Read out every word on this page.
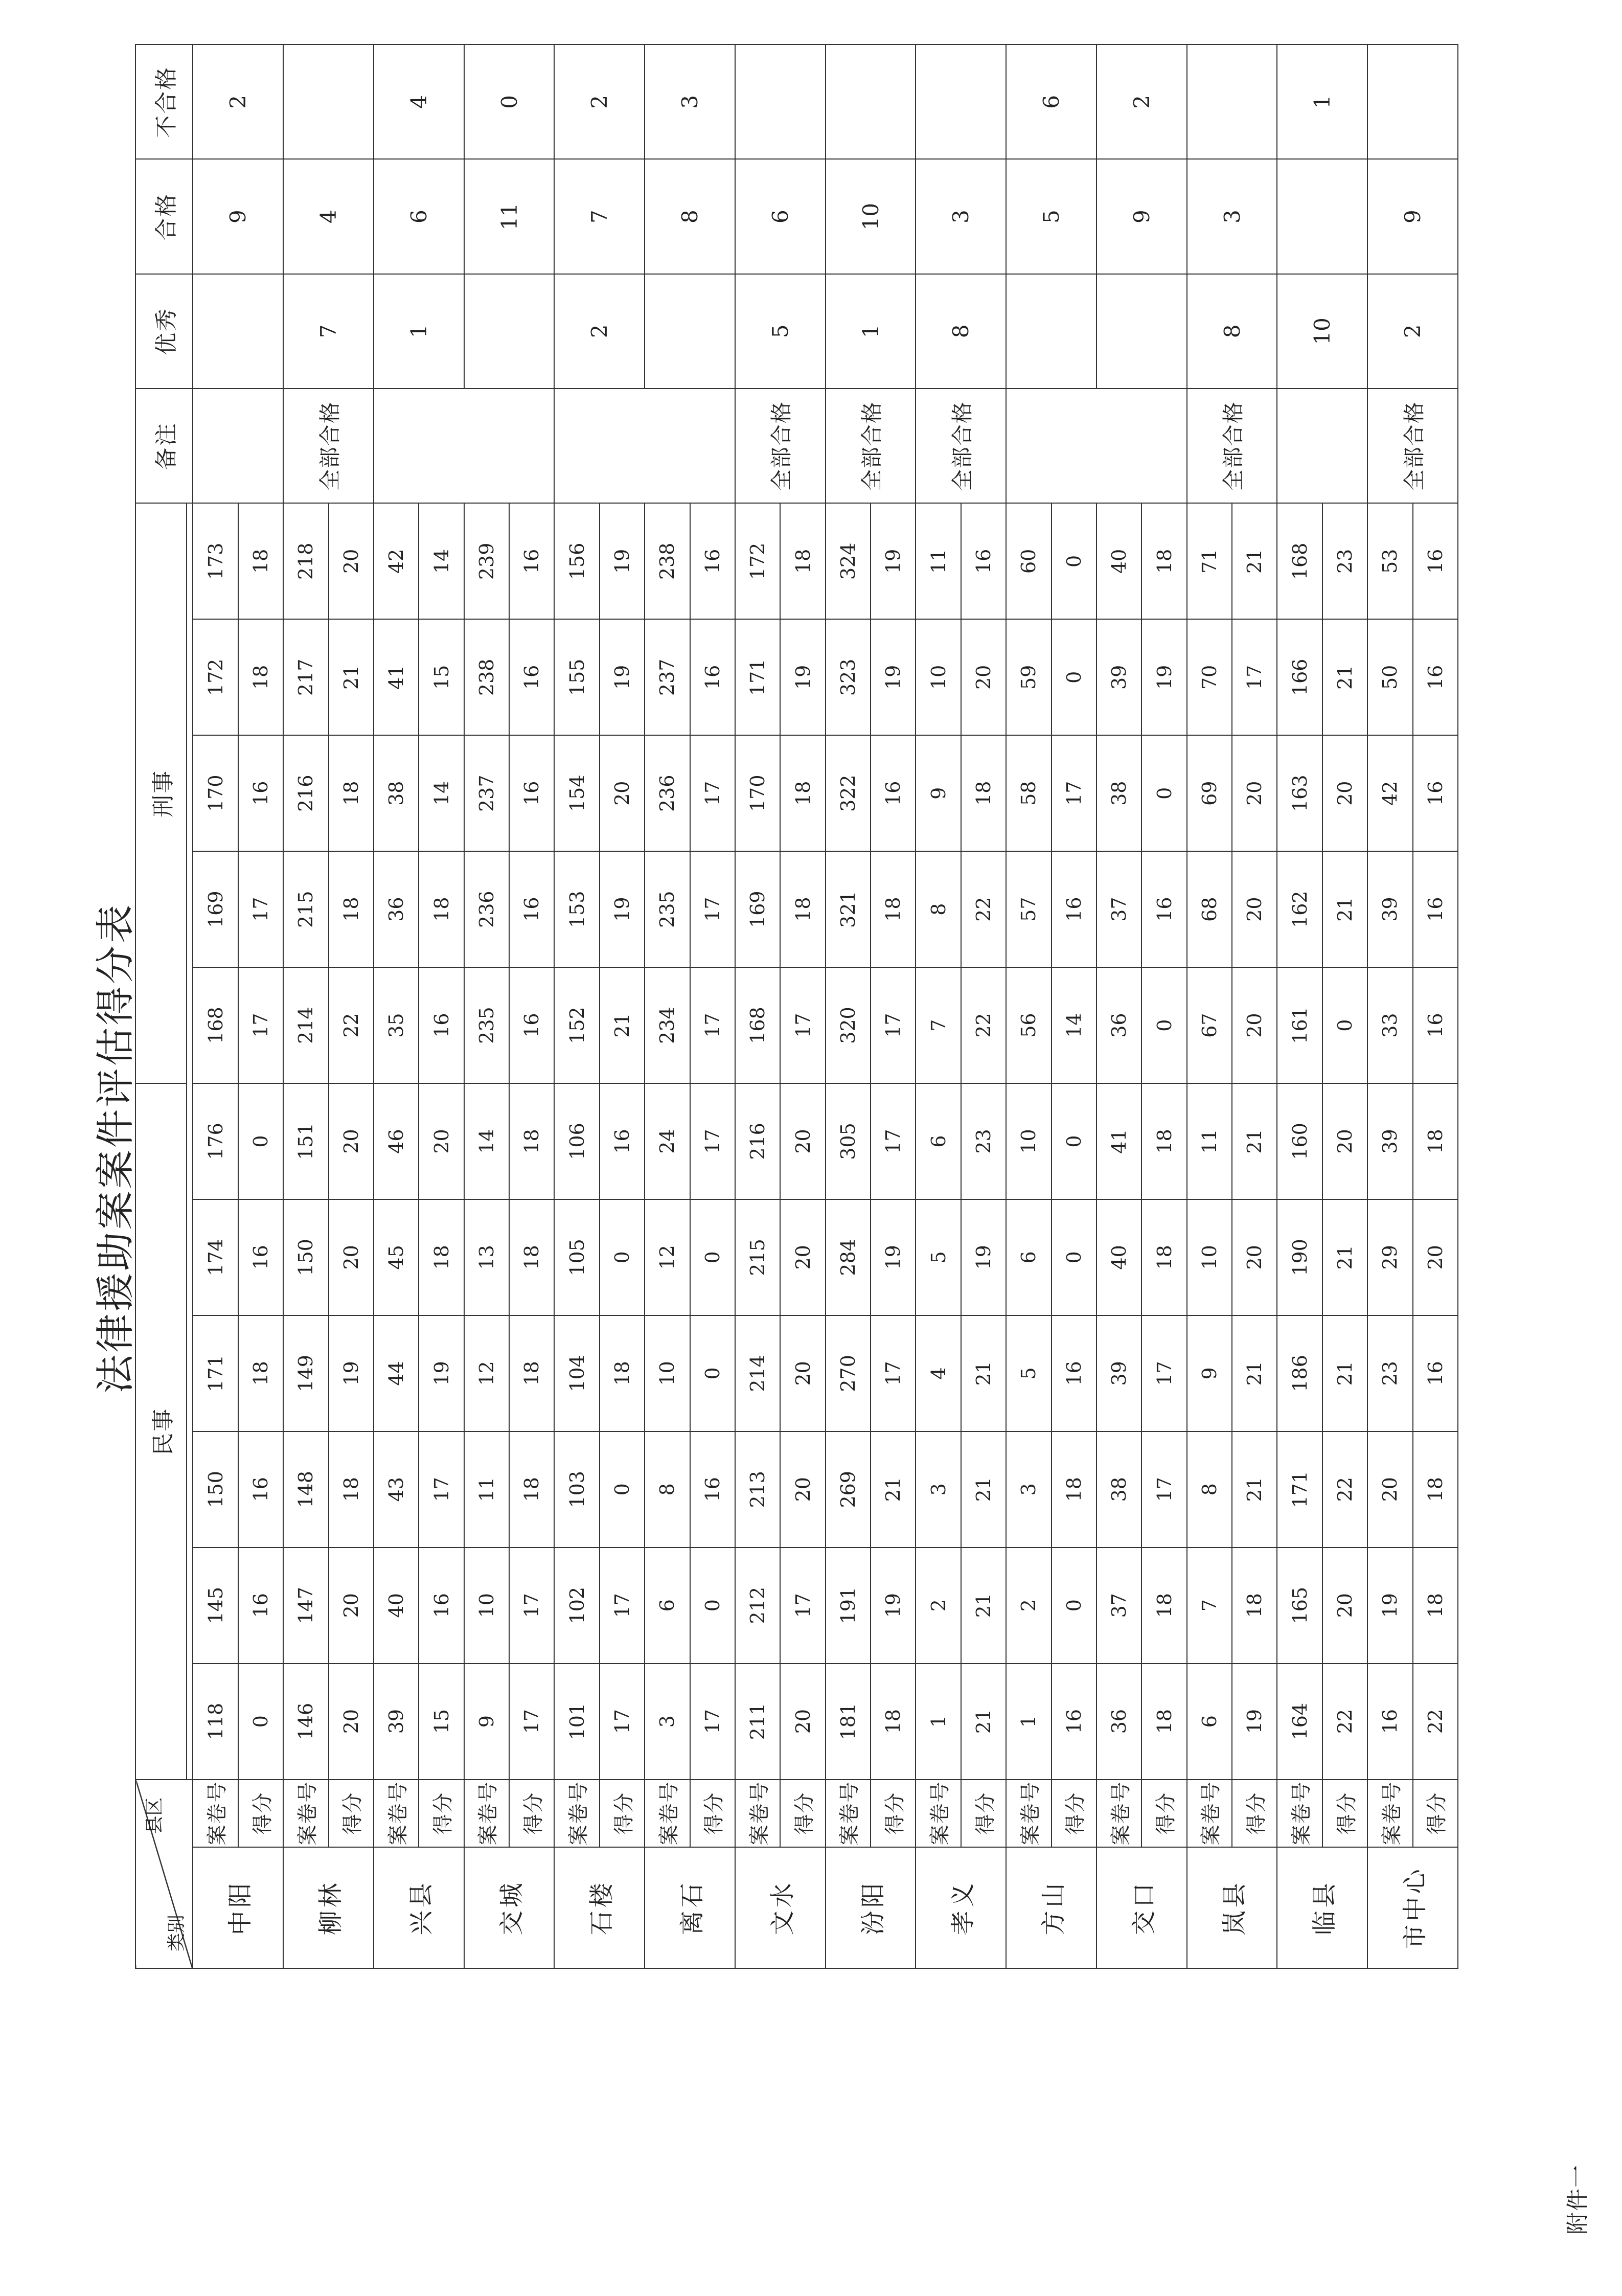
附件一
法律援助案案件评估得分表
县区
类别		民事						刑事					备注	优秀	合格	不合格

中阳	案卷号	118	145	150	171	174	176	168	169	170	172	173			9	2
	得分	0	16	16	18	16	0	17	17	16	18	18				
柳林	案卷号	146	147	148	149	150	151	214	215	216	217	218	全部合格	7	4	
	得分	20	20	18	19	20	20	22	18	18	21	20				
兴县	案卷号	39	40	43	44	45	46	35	36	38	41	42		1	6	4
	得分	15	16	17	19	18	20	16	18	14	15	14				
交城	案卷号	9	10	11	12	13	14	235	236	237	238	239			11	0
	得分	17	17	18	18	18	18	16	16	16	16	16				
石楼	案卷号	101	102	103	104	105	106	152	153	154	155	156		2	7	2
	得分	17	17	0	18	0	16	21	19	20	19	19				
离石	案卷号	3	6	8	10	12	24	234	235	236	237	238			8	3
	得分	17	0	16	0	0	17	17	17	17	16	16				
文水	案卷号	211	212	213	214	215	216	168	169	170	171	172	全部合格	5	6	
	得分	20	17	20	20	20	20	17	18	18	19	18				
汾阳	案卷号	181	191	269	270	284	305	320	321	322	323	324	全部合格	1	10	
	得分	18	19	21	17	19	17	17	18	16	19	19				
孝义	案卷号	1	2	3	4	5	6	7	8	9	10	11	全部合格	8	3	
	得分	21	21	21	21	19	23	22	22	18	20	16				
方山	案卷号	1	2	3	5	6	10	56	57	58	59	60			5	6
	得分	16	0	18	16	0	0	14	16	17	0	0				
交口	案卷号	36	37	38	39	40	41	36	37	38	39	40			9	2
	得分	18	18	17	17	18	18	0	16	0	19	18				
岚县	案卷号	6	7	8	9	10	11	67	68	69	70	71	全部合格	8	3	
	得分	19	18	21	21	20	21	20	20	20	17	21				
临县	案卷号	164	165	171	186	190	160	161	162	163	166	168		10		1
	得分	22	20	22	21	21	20	0	21	20	21	23				
市中心	案卷号	16	19	20	23	29	39	33	39	42	50	53	全部合格	2	9	
	得分	22	18	18	16	20	18	16	16	16	16	16				
